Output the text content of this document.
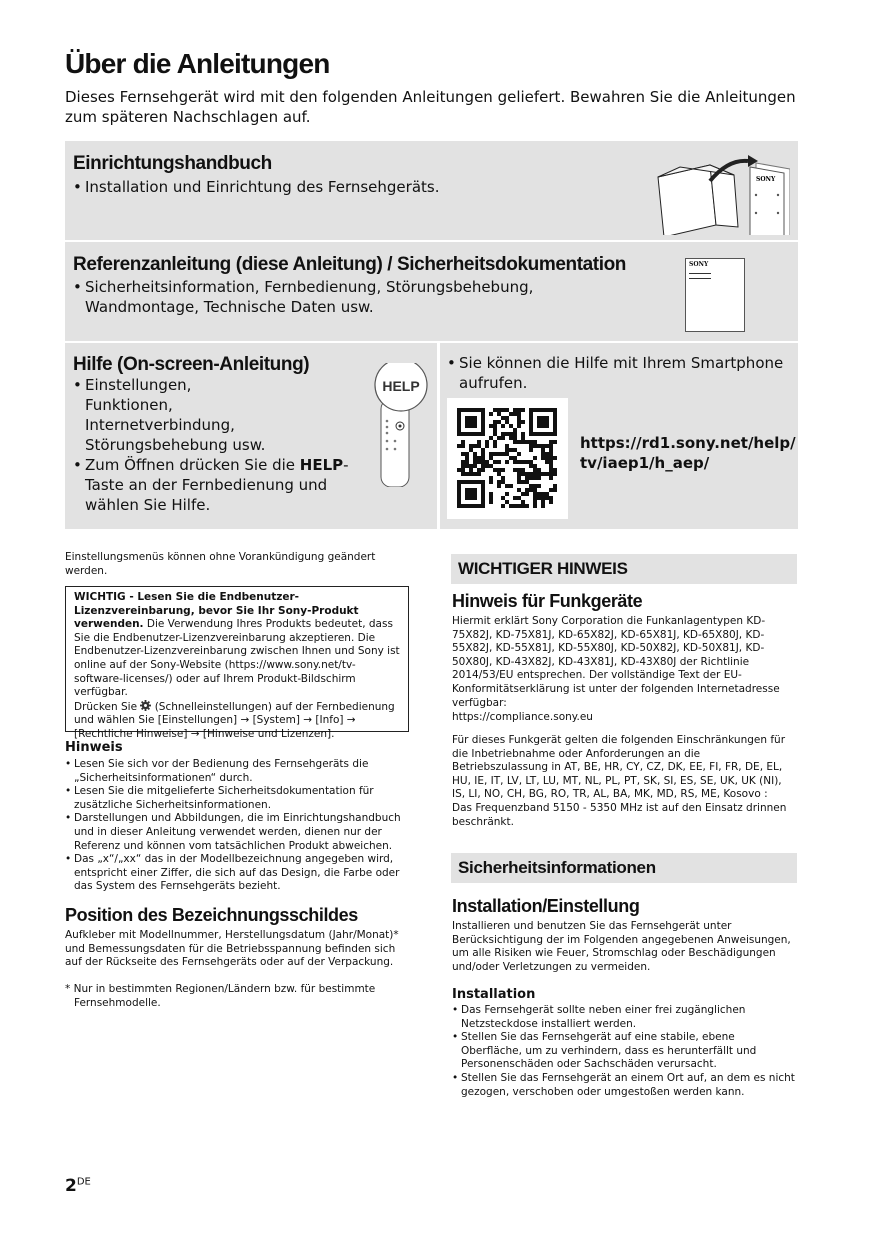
Über die Anleitungen

Dieses Fernsehgerät wird mit den folgenden Anleitungen geliefert. Bewahren Sie die Anleitungen zum späteren Nachschlagen auf.

Einrichtungshandbuch
• Installation und Einrichtung des Fernsehgeräts.	SONY
Referenzanleitung (diese Anleitung) / Sicherheitsdokumentation
• Sicherheitsinformation, Fernbedienung, Störungsbehebung, Wandmontage, Technische Daten usw.
SONY
Hilfe (On-screen-Anleitung)
• Einstellungen, Funktionen, Internetverbindung, Störungsbehebung usw.
• Zum Öffnen drücken Sie die HELP-Taste an der Fernbedienung und wählen Sie Hilfe.
HELP
• Sie können die Hilfe mit Ihrem Smartphone aufrufen.

https://rd1.sony.net/help/
tv/iaep1/h_aep/

Einstellungsmenüs können ohne Vorankündigung geändert werden.

WICHTIG - Lesen Sie die Endbenutzer-Lizenzvereinbarung, bevor Sie Ihr Sony-Produkt verwenden. Die Verwendung Ihres Produkts bedeutet, dass Sie die Endbenutzer-Lizenzvereinbarung akzeptieren. Die Endbenutzer-Lizenzvereinbarung zwischen Ihnen und Sony ist online auf der Sony-Website (https://www.sony.net/tv-software-licenses/) oder auf Ihrem Produkt-Bildschirm verfügbar.
Drücken Sie  (Schnelleinstellungen) auf der Fernbedienung und wählen Sie [Einstellungen] → [System] → [Info] → [Rechtliche Hinweise] → [Hinweise und Lizenzen].
Hinweis
• Lesen Sie sich vor der Bedienung des Fernsehgeräts die „Sicherheitsinformationen“ durch.
• Lesen Sie die mitgelieferte Sicherheitsdokumentation für zusätzliche Sicherheitsinformationen.
• Darstellungen und Abbildungen, die im Einrichtungshandbuch und in dieser Anleitung verwendet werden, dienen nur der Referenz und können vom tatsächlichen Produkt abweichen.
• Das „x“/„xx“ das in der Modellbezeichnung angegeben wird, entspricht einer Ziffer, die sich auf das Design, die Farbe oder das System des Fernsehgeräts bezieht.
Position des Bezeichnungsschildes

Aufkleber mit Modellnummer, Herstellungsdatum (Jahr/Monat)* und Bemessungsdaten für die Betriebsspannung befinden sich auf der Rückseite des Fernsehgeräts oder auf der Verpackung.

* Nur in bestimmten Regionen/Ländern bzw. für bestimmte Fernsehmodelle.

WICHTIGER HINWEIS
Hinweis für Funkgeräte

Hiermit erklärt Sony Corporation die Funkanlagentypen KD-75X82J, KD-75X81J, KD-65X82J, KD-65X81J, KD-65X80J, KD-55X82J, KD-55X81J, KD-55X80J, KD-50X82J, KD-50X81J, KD-50X80J, KD-43X82J, KD-43X81J, KD-43X80J der Richtlinie 2014/53/EU entsprechen. Der vollständige Text der EU-Konformitätserklärung ist unter der folgenden Internetadresse verfügbar:

https://compliance.sony.eu

Für dieses Funkgerät gelten die folgenden Einschränkungen für die Inbetriebnahme oder Anforderungen an die Betriebszulassung in AT, BE, HR, CY, CZ, DK, EE, FI, FR, DE, EL, HU, IE, IT, LV, LT, LU, MT, NL, PL, PT, SK, SI, ES, SE, UK, UK (NI), IS, LI, NO, CH, BG, RO, TR, AL, BA, MK, MD, RS, ME, Kosovo :

Das Frequenzband 5150 - 5350 MHz ist auf den Einsatz drinnen beschränkt.

Sicherheitsinformationen
Installation/Einstellung

Installieren und benutzen Sie das Fernsehgerät unter Berücksichtigung der im Folgenden angegebenen Anweisungen, um alle Risiken wie Feuer, Stromschlag oder Beschädigungen und/oder Verletzungen zu vermeiden.

Installation
• Das Fernsehgerät sollte neben einer frei zugänglichen Netzsteckdose installiert werden.
• Stellen Sie das Fernsehgerät auf eine stabile, ebene Oberfläche, um zu verhindern, dass es herunterfällt und Personenschäden oder Sachschäden verursacht.
• Stellen Sie das Fernsehgerät an einem Ort auf, an dem es nicht gezogen, verschoben oder umgestoßen werden kann.
2DE
